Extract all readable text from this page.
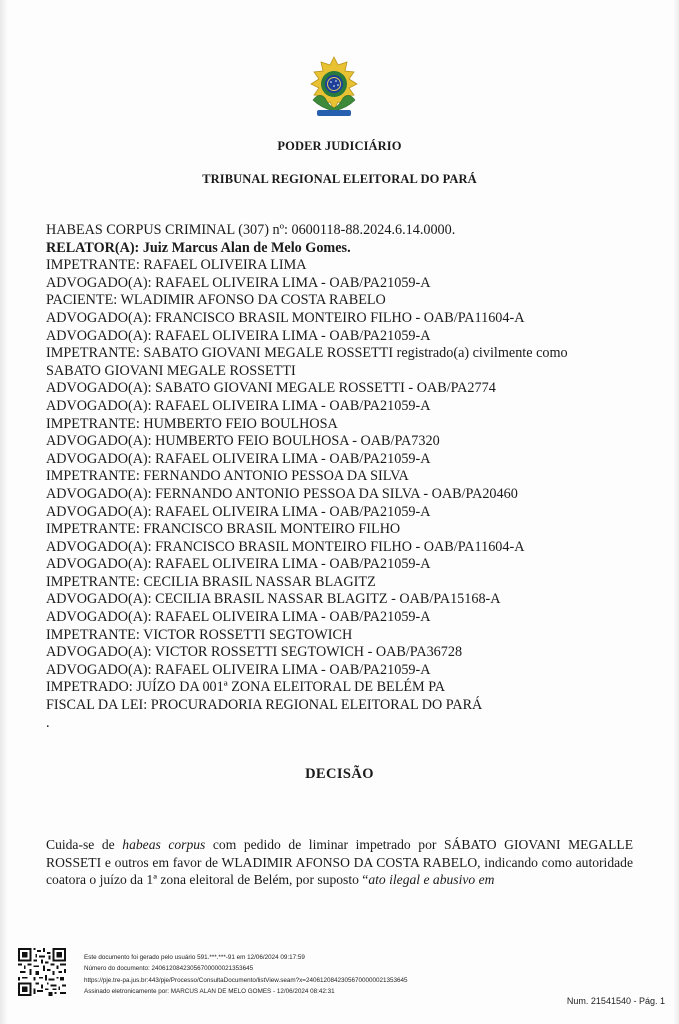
PODER JUDICIÁRIO
TRIBUNAL REGIONAL ELEITORAL DO PARÁ
HABEAS CORPUS CRIMINAL (307) nº: 0600118-88.2024.6.14.0000.
RELATOR(A): Juiz Marcus Alan de Melo Gomes.
IMPETRANTE: RAFAEL OLIVEIRA LIMA
ADVOGADO(A): RAFAEL OLIVEIRA LIMA - OAB/PA21059-A
PACIENTE: WLADIMIR AFONSO DA COSTA RABELO
ADVOGADO(A): FRANCISCO BRASIL MONTEIRO FILHO - OAB/PA11604-A
ADVOGADO(A): RAFAEL OLIVEIRA LIMA - OAB/PA21059-A
IMPETRANTE: SABATO GIOVANI MEGALE ROSSETTI registrado(a) civilmente como
SABATO GIOVANI MEGALE ROSSETTI
ADVOGADO(A): SABATO GIOVANI MEGALE ROSSETTI - OAB/PA2774
ADVOGADO(A): RAFAEL OLIVEIRA LIMA - OAB/PA21059-A
IMPETRANTE: HUMBERTO FEIO BOULHOSA
ADVOGADO(A): HUMBERTO FEIO BOULHOSA - OAB/PA7320
ADVOGADO(A): RAFAEL OLIVEIRA LIMA - OAB/PA21059-A
IMPETRANTE: FERNANDO ANTONIO PESSOA DA SILVA
ADVOGADO(A): FERNANDO ANTONIO PESSOA DA SILVA - OAB/PA20460
ADVOGADO(A): RAFAEL OLIVEIRA LIMA - OAB/PA21059-A
IMPETRANTE: FRANCISCO BRASIL MONTEIRO FILHO
ADVOGADO(A): FRANCISCO BRASIL MONTEIRO FILHO - OAB/PA11604-A
ADVOGADO(A): RAFAEL OLIVEIRA LIMA - OAB/PA21059-A
IMPETRANTE: CECILIA BRASIL NASSAR BLAGITZ
ADVOGADO(A): CECILIA BRASIL NASSAR BLAGITZ - OAB/PA15168-A
ADVOGADO(A): RAFAEL OLIVEIRA LIMA - OAB/PA21059-A
IMPETRANTE: VICTOR ROSSETTI SEGTOWICH
ADVOGADO(A): VICTOR ROSSETTI SEGTOWICH - OAB/PA36728
ADVOGADO(A): RAFAEL OLIVEIRA LIMA - OAB/PA21059-A
IMPETRADO: JUÍZO DA 001ª ZONA ELEITORAL DE BELÉM PA
FISCAL DA LEI: PROCURADORIA REGIONAL ELEITORAL DO PARÁ
.
DECISÃO

Cuida-se de habeas corpus com pedido de liminar impetrado por SÁBATO GIOVANI MEGALLE ROSSETI e outros em favor de WLADIMIR AFONSO DA COSTA RABELO, indicando como autoridade coatora o juízo da 1ª zona eleitoral de Belém, por suposto “ato ilegal e abusivo em

Este documento foi gerado pelo usuário 591.***.***-91 em 12/06/2024 09:17:59
Número do documento: 24061208423056700000021353645
https://pje.tre-pa.jus.br:443/pje/Processo/ConsultaDocumento/listView.seam?x=24061208423056700000021353645
Assinado eletronicamente por: MARCUS ALAN DE MELO GOMES - 12/06/2024 08:42:31
Num. 21541540 - Pág. 1
